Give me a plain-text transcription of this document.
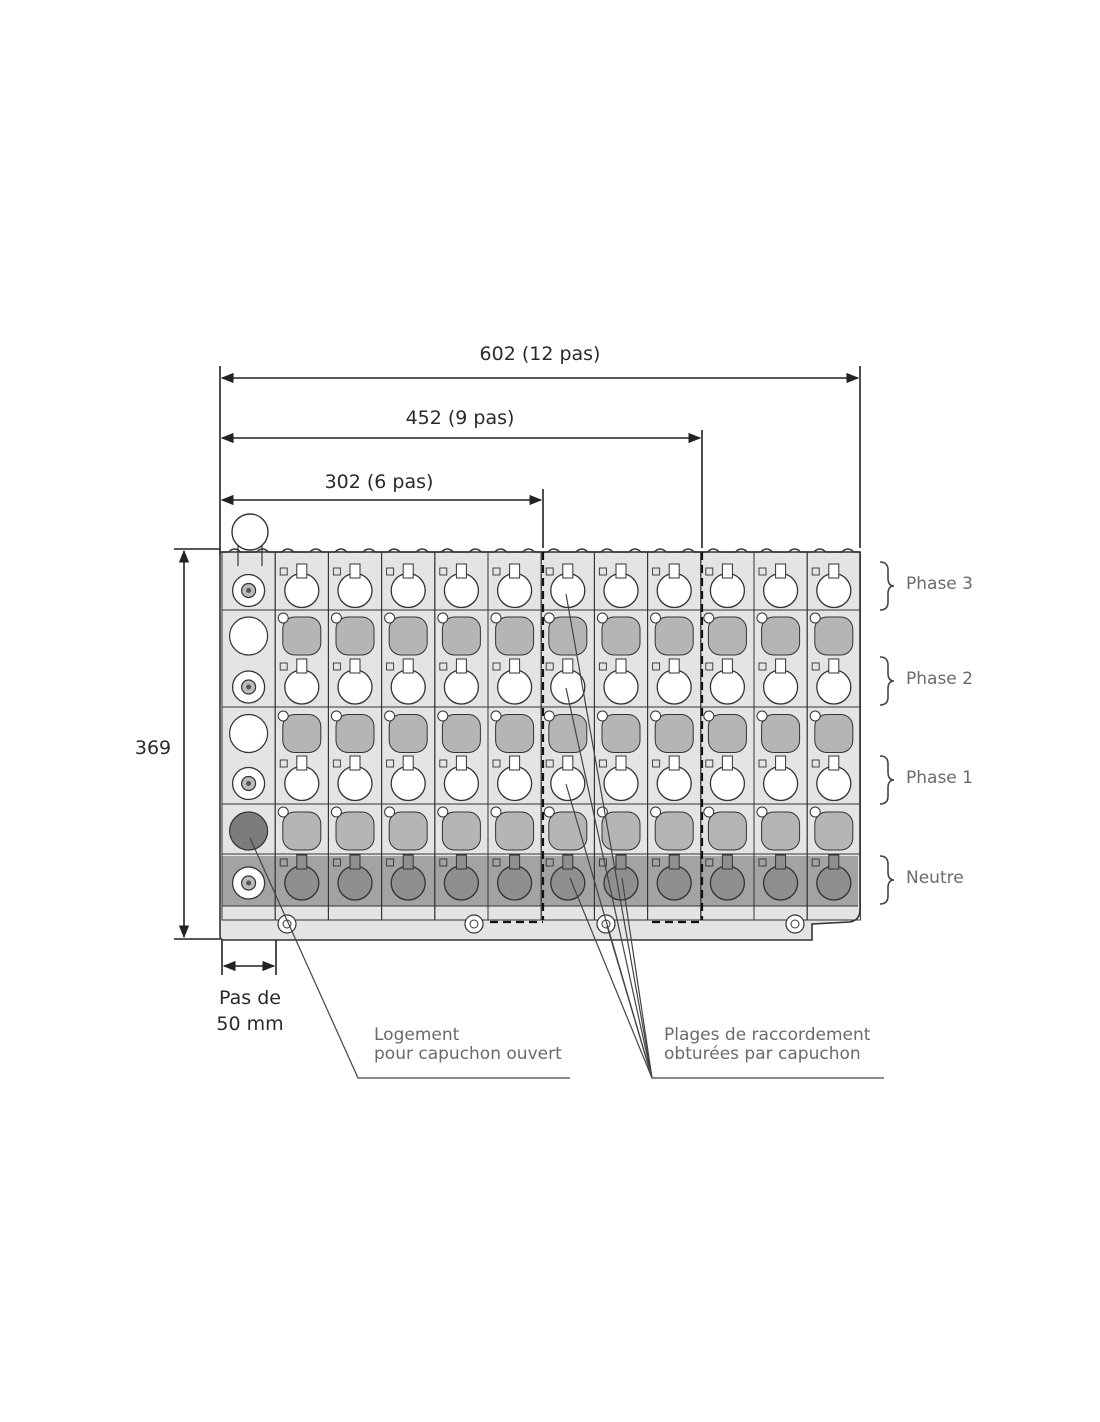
602 (12 pas)
452 (9 pas)
302 (6 pas)
369
Pas de
50 mm
Phase 3
Phase 2
Phase 1
Neutre
Logement
pour capuchon ouvert
Plages de raccordement
obturées par capuchon
